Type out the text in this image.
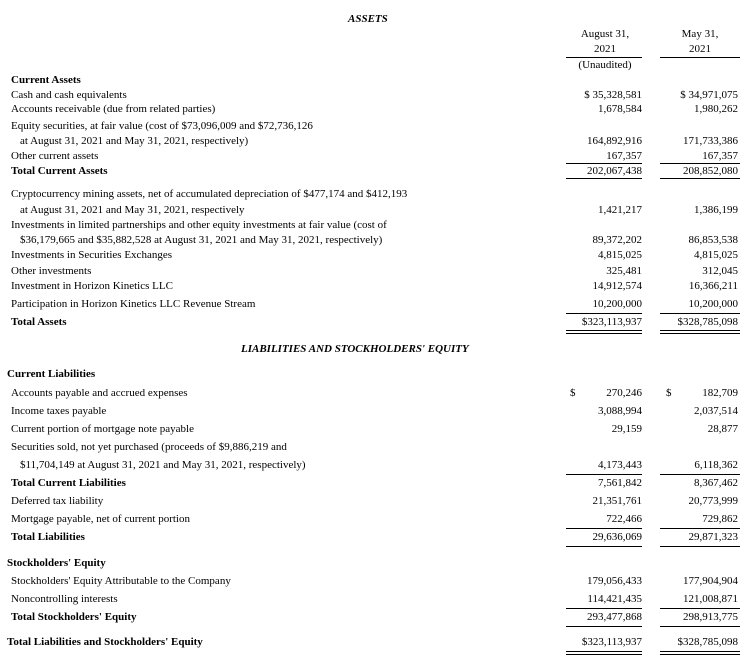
ASSETS
August 31,
2021
(Unaudited)
May 31,
2021
Current Assets
Cash and cash equivalents	$ 35,328,581	$ 34,971,075
Accounts receivable (due from related parties)	1,678,584	1,980,262
Equity securities, at fair value (cost of $73,096,009 and $72,736,126
at August 31, 2021 and May 31, 2021, respectively)	164,892,916	171,733,386
Other current assets	167,357	167,357
Total Current Assets	202,067,438	208,852,080
Cryptocurrency mining assets, net of accumulated depreciation of $477,174 and $412,193
at August 31, 2021 and May 31, 2021, respectively	1,421,217	1,386,199
Investments in limited partnerships and other equity investments at fair value (cost of
$36,179,665 and $35,882,528 at August 31, 2021 and May 31, 2021, respectively)	89,372,202	86,853,538
Investments in Securities Exchanges	4,815,025	4,815,025
Other investments	325,481	312,045
Investment in Horizon Kinetics LLC	14,912,574	16,366,211
Participation in Horizon Kinetics LLC Revenue Stream	10,200,000	10,200,000
Total Assets	$323,113,937	$328,785,098
LIABILITIES AND STOCKHOLDERS' EQUITY
Current Liabilities
Accounts payable and accrued expenses	270,246	182,709
$	$
Income taxes payable	3,088,994	2,037,514
Current portion of mortgage note payable	29,159	28,877
Securities sold, not yet purchased (proceeds of $9,886,219 and
$11,704,149 at August 31, 2021 and May 31, 2021, respectively)	4,173,443	6,118,362
Total Current Liabilities	7,561,842	8,367,462
Deferred tax liability	21,351,761	20,773,999
Mortgage payable, net of current portion	722,466	729,862
Total Liabilities	29,636,069	29,871,323
Stockholders' Equity
Stockholders' Equity Attributable to the Company	179,056,433	177,904,904
Noncontrolling interests	114,421,435	121,008,871
Total Stockholders' Equity	293,477,868	298,913,775
Total Liabilities and Stockholders' Equity	$323,113,937	$328,785,098
